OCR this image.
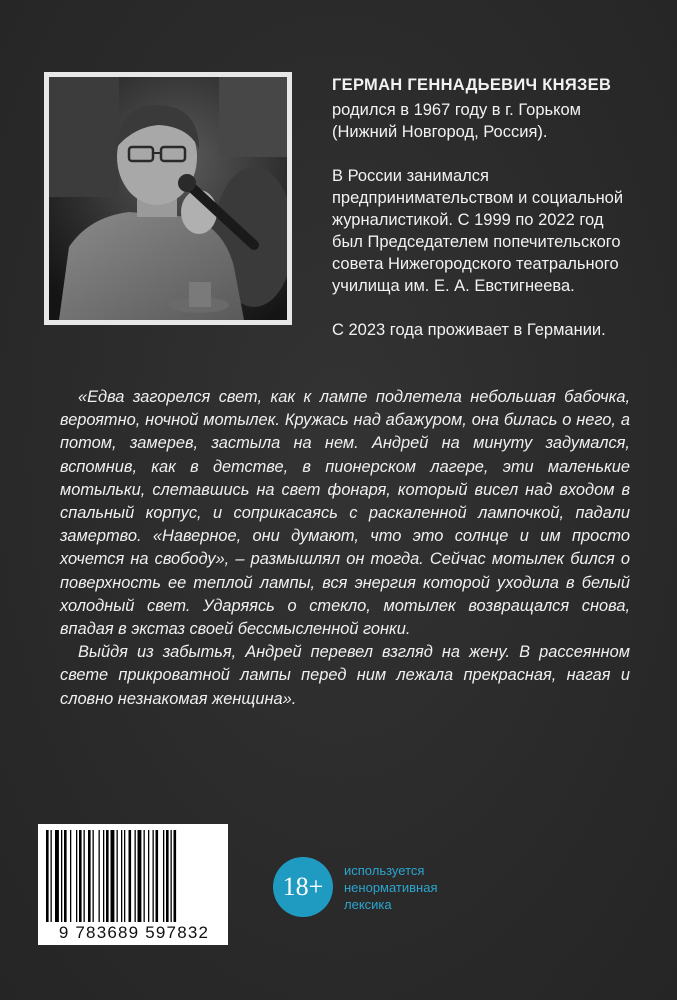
ГЕРМАН ГЕННАДЬЕВИЧ КНЯЗЕВ

родился в 1967 году в г. Горьком

(Нижний Новгород, Россия).

В России занимался

предпринимательством и социальной

журналистикой. С 1999 по 2022 год

был Председателем попечительского

совета Нижегородского театрального

училища им. Е. А. Евстигнеева.

С 2023 года проживает в Германии.

«Едва загорелся свет, как к лампе подлетела небольшая бабочка, вероятно, ночной мотылек. Кружась над абажуром, она билась о него, а потом, замерев, застыла на нем. Андрей на минуту задумался, вспомнив, как в детстве, в пионерском лагере, эти маленькие мотыльки, слетавшись на свет фонаря, который висел над входом в спальный корпус, и соприкасаясь с раскаленной лампочкой, падали замертво. «Наверное, они думают, что это солнце и им просто хочется на свободу», – размышлял он тогда. Сейчас мотылек бился о поверхность ее теплой лампы, вся энергия которой уходила в белый холодный свет. Ударяясь о стекло, мотылек возвращался снова, впадая в экстаз своей бессмысленной гонки.

Выйдя из забытья, Андрей перевел взгляд на жену. В рассеянном свете прикроватной лампы перед ним лежала прекрасная, нагая и словно незнакомая женщина».

9 783689 597832
18+
используется
ненормативная
лексика
